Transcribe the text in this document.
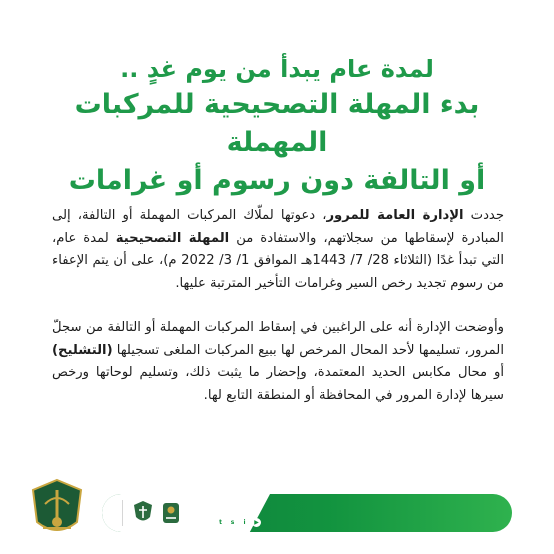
لمدة عام يبدأ من يوم غدٍ ..
بدء المهلة التصحيحية للمركبات المهملة
أو التالفة دون رسوم أو غرامات

جددت الإدارة العامة للمرور، دعوتها لملّاك المركبات المهملة أو التالفة، إلى المبادرة لإسقاطها من سجلاتهم، والاستفادة من المهلة التصحيحية لمدة عام، التي تبدأ غدًا (الثلاثاء 28/ 7/ 1443هـ الموافق 1/ 3/ 2022 م)، على أن يتم الإعفاء من رسوم تجديد رخص السير وغرامات التأخير المترتبة عليها.

وأوضحت الإدارة أنه على الراغبين في إسقاط المركبات المهملة أو التالفة من سجلّ المرور، تسليمها لأحد المحال المرخص لها ببيع المركبات الملغى تسجيلها (التشليح) أو محال مكابس الحديد المعتمدة، وإحضار ما يثبت ذلك، وتسليم لوحاتها ورخص سيرها لإدارة المرور في المحافظة أو المنطقة التابع لها.

@eMoroor
t	s	i	▶
